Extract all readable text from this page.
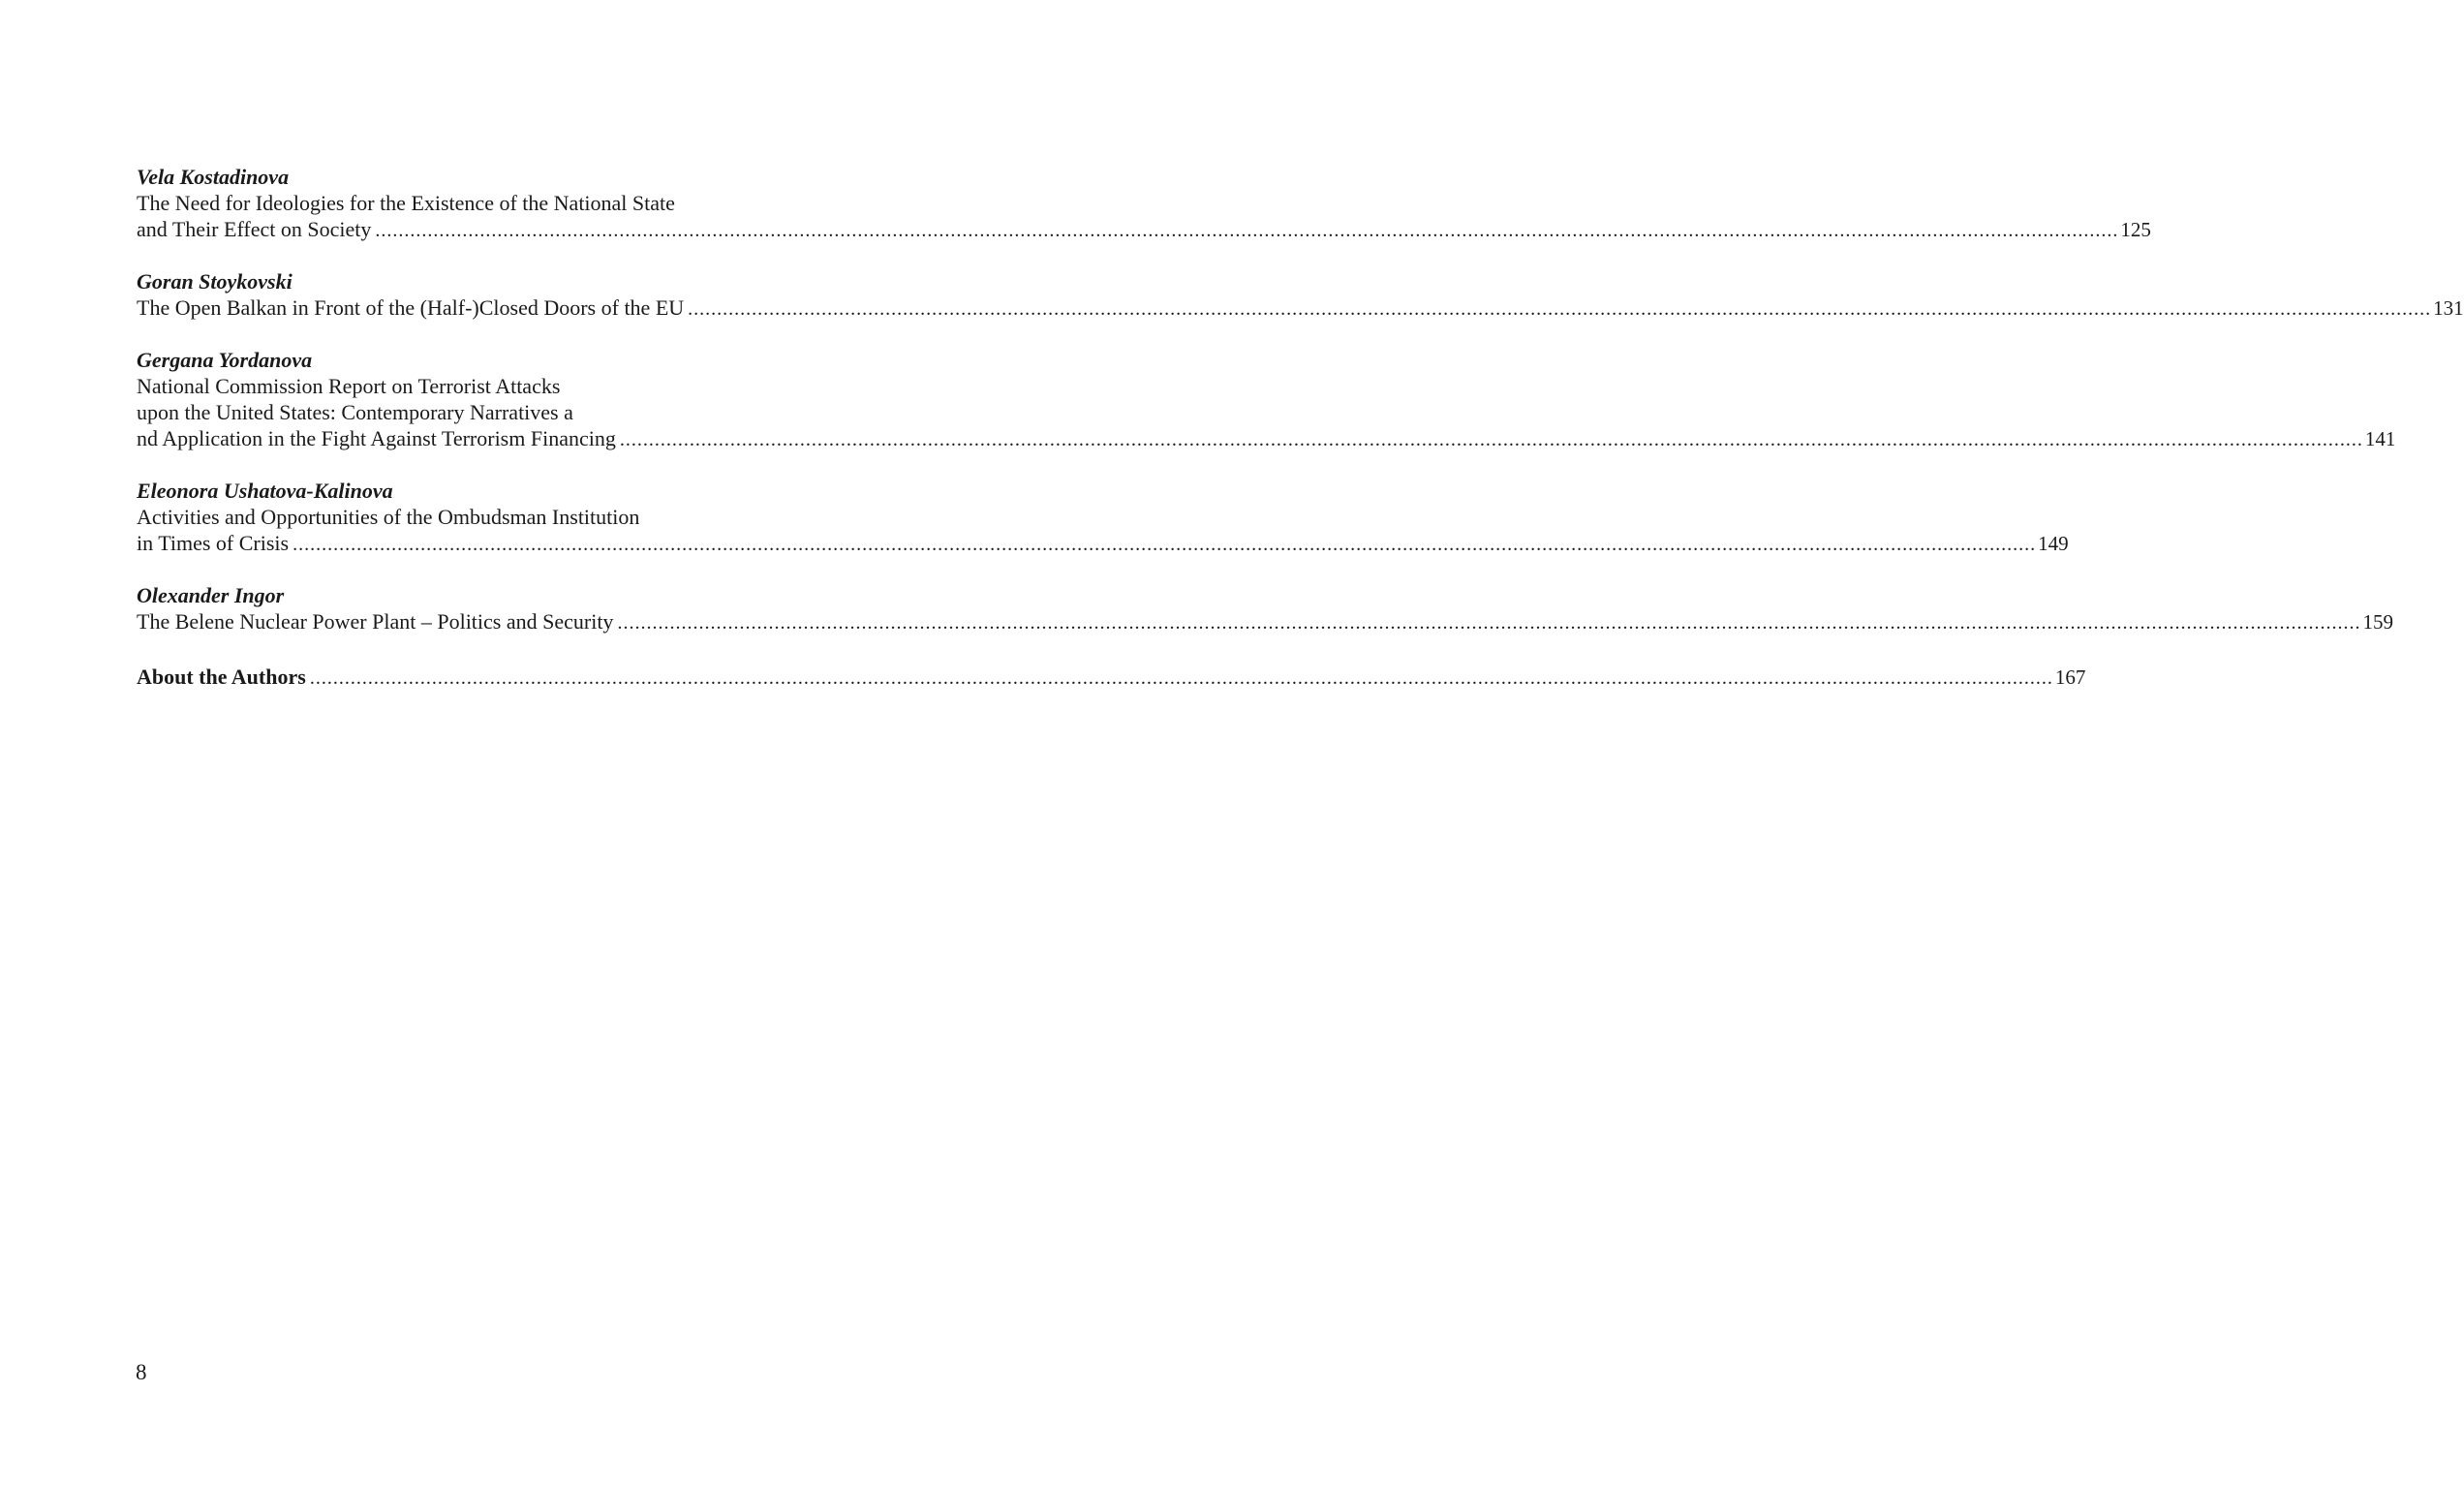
Vela Kostadinova
The Need for Ideologies for the Existence of the National State
and Their Effect on Society ............................................................................................................................................................................................................................................................................................................ 125
Goran Stoykovski
The Open Balkan in Front of the (Half-)Closed Doors of the EU ............................................................................................................................................................................................................................................................................................................ 131
Gergana Yordanova
National Commission Report on Terrorist Attacks
upon the United States: Contemporary Narratives a
nd Application in the Fight Against Terrorism Financing ............................................................................................................................................................................................................................................................................................................ 141
Eleonora Ushatova-Kalinova
Activities and Opportunities of the Ombudsman Institution
in Times of Crisis ............................................................................................................................................................................................................................................................................................................ 149
Olexander Ingor
The Belene Nuclear Power Plant – Politics and Security ............................................................................................................................................................................................................................................................................................................ 159
About the Authors ............................................................................................................................................................................................................................................................................................................ 167
8
